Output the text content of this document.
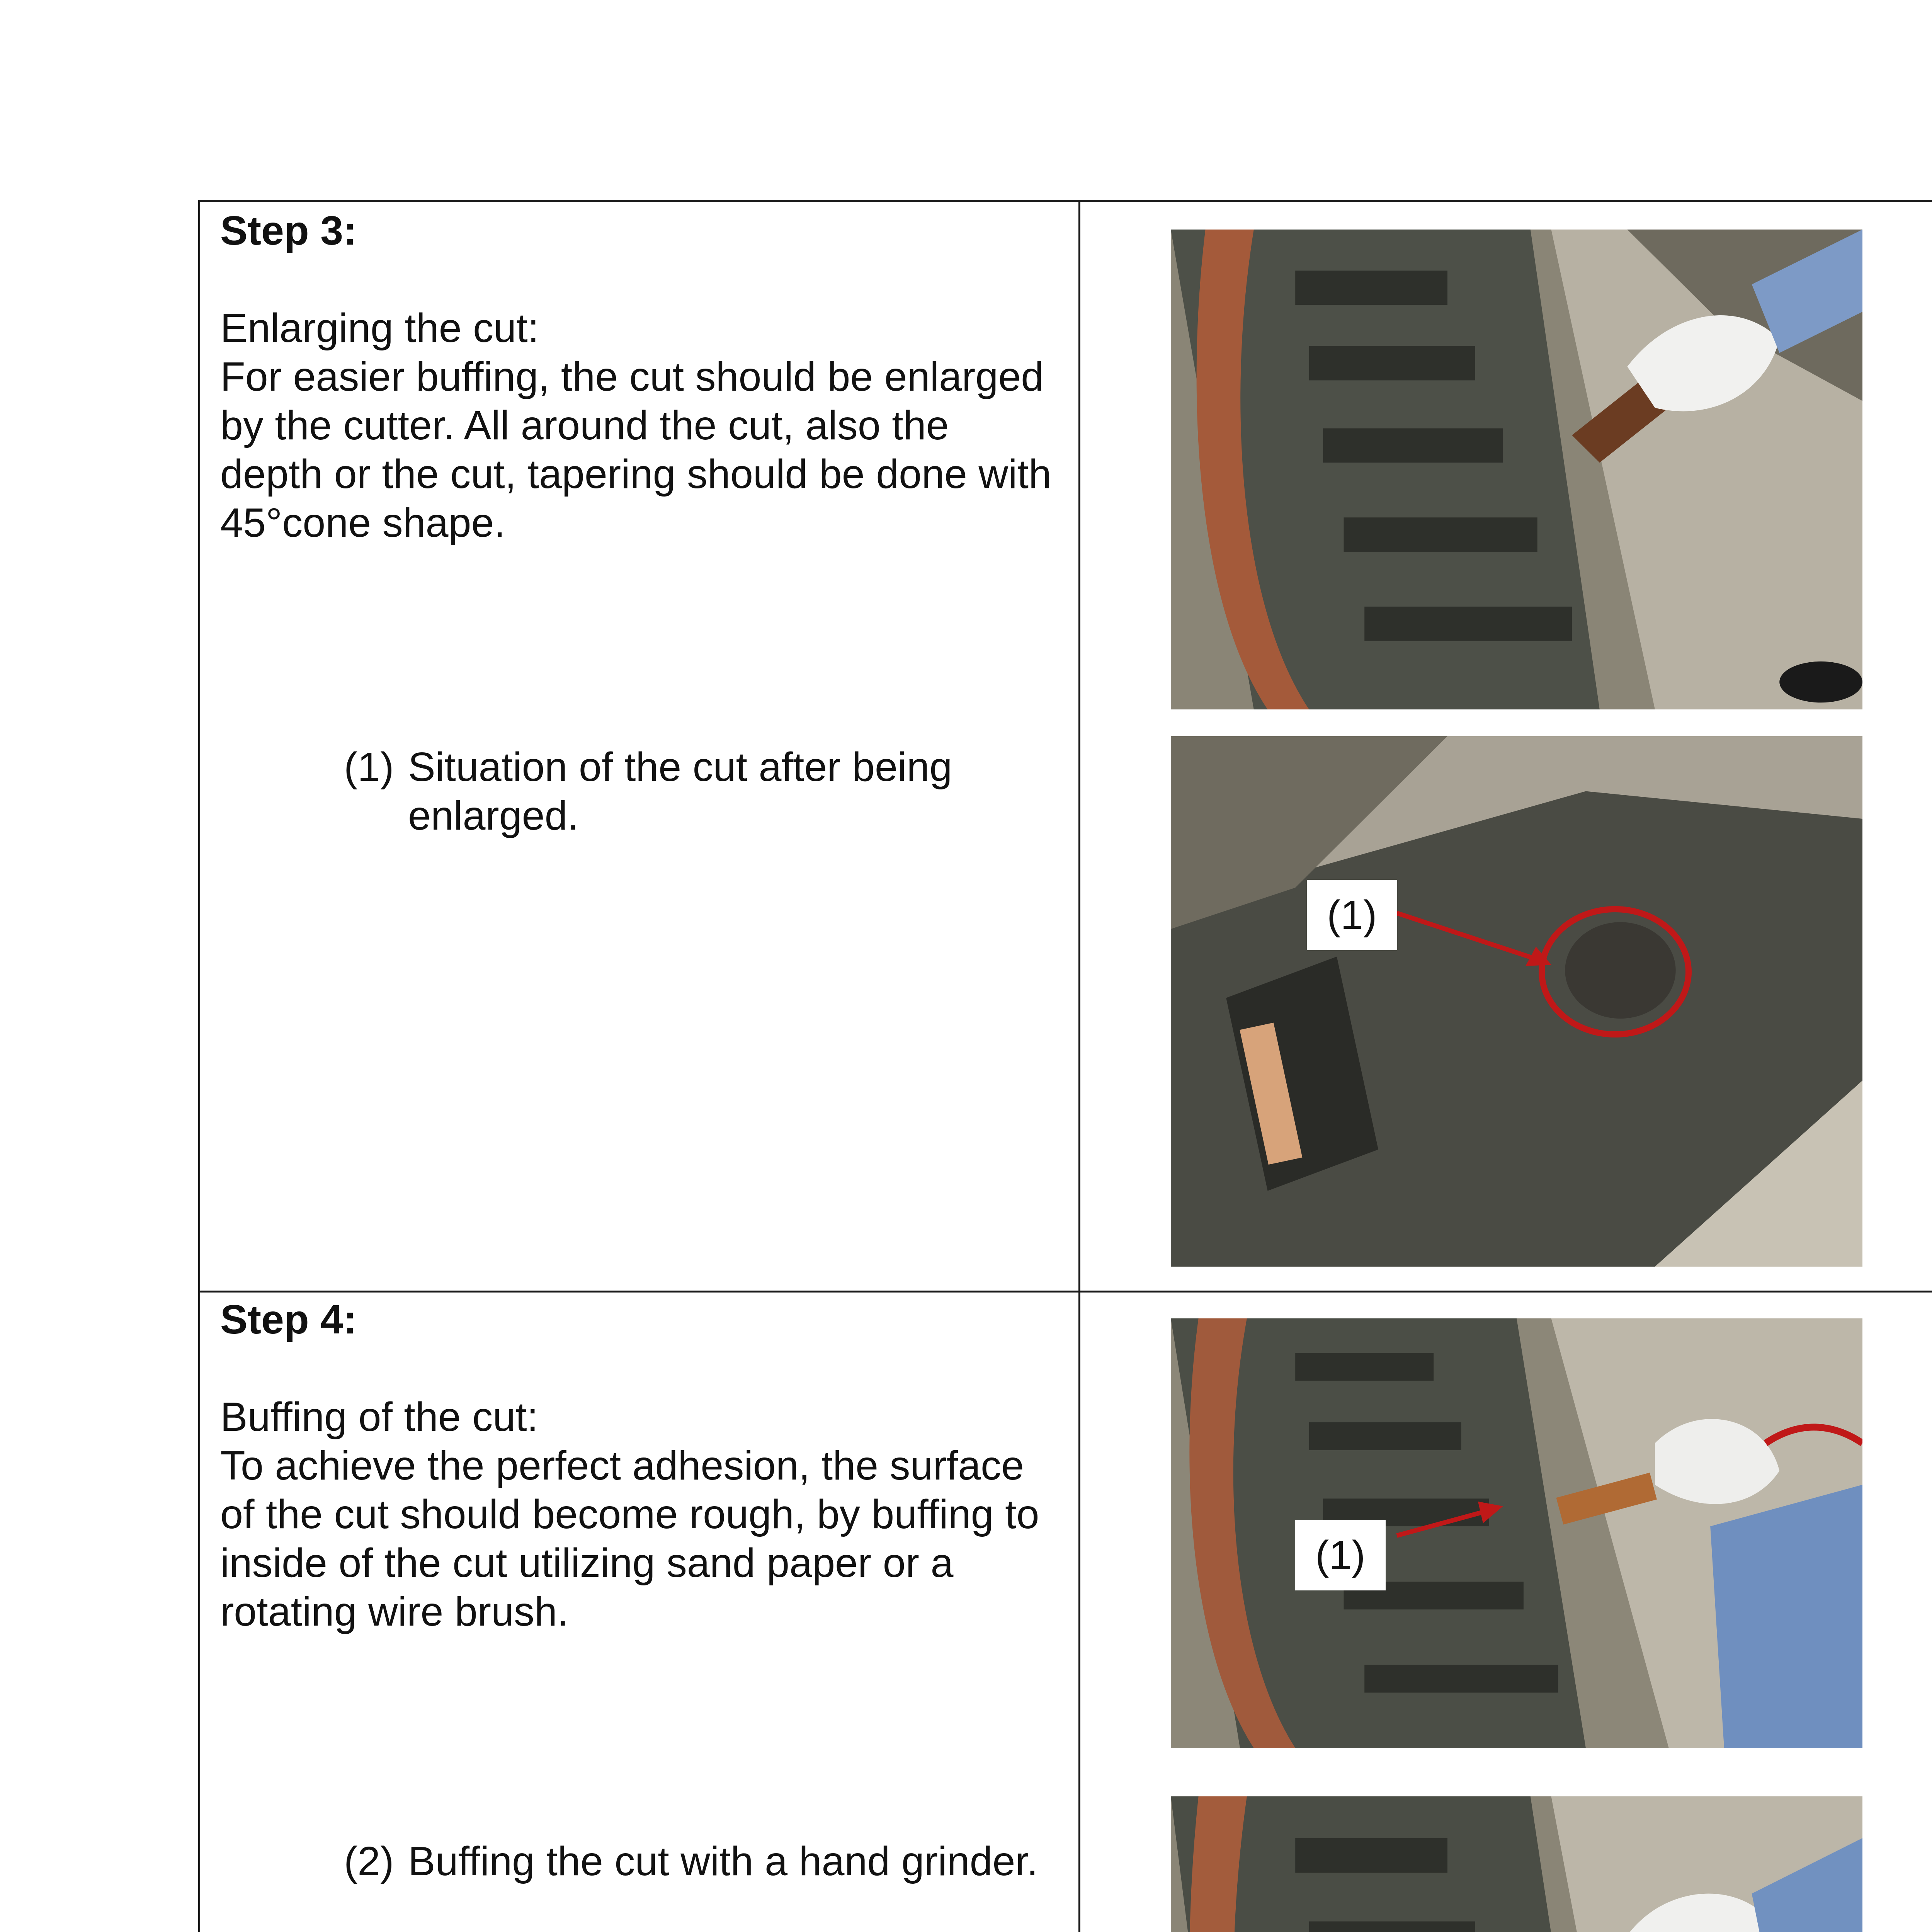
Step 3:
Enlarging the cut:
For easier buffing, the cut should be enlarged by the cutter. All around the cut, also the depth or the cut, tapering should be done with 45°cone shape.
(1) Situation of the cut after being enlarged.
(1)
Step 4:
Buffing of the cut:
To achieve the perfect adhesion, the surface of the cut should become rough, by buffing to inside of the cut utilizing sand paper or a rotating wire brush.
(2) Buffing the cut with a hand grinder.
(1)
